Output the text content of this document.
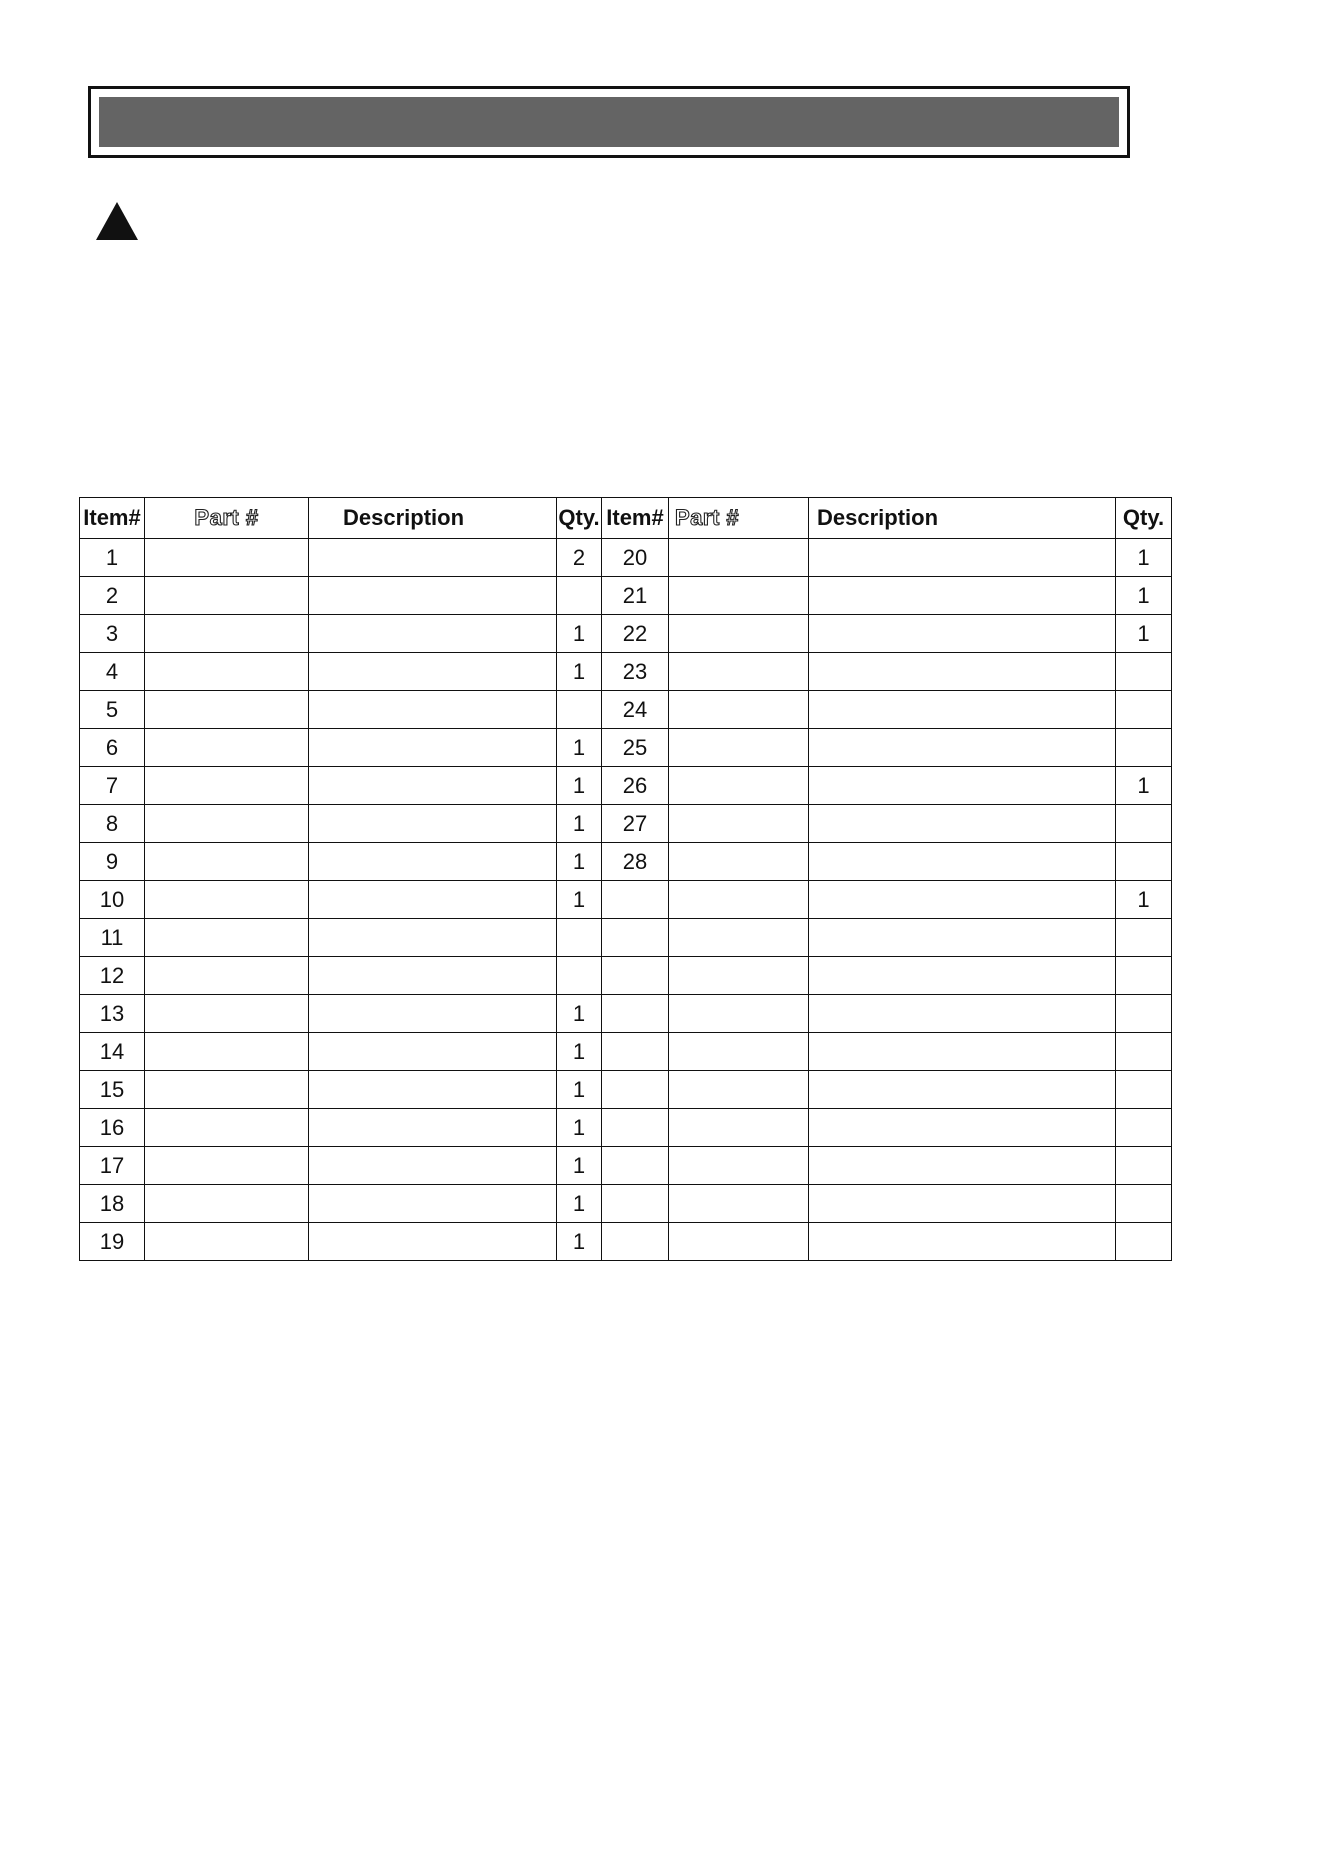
Item#	Part #	Description	Qty.	Item#	Part #	Description	Qty.
1			2	20			1
2				21			1
3			1	22			1
4			1	23			
5				24			
6			1	25			
7			1	26			1
8			1	27			
9			1	28			
10			1				1
11							
12							
13			1				
14			1				
15			1				
16			1				
17			1				
18			1				
19			1				
